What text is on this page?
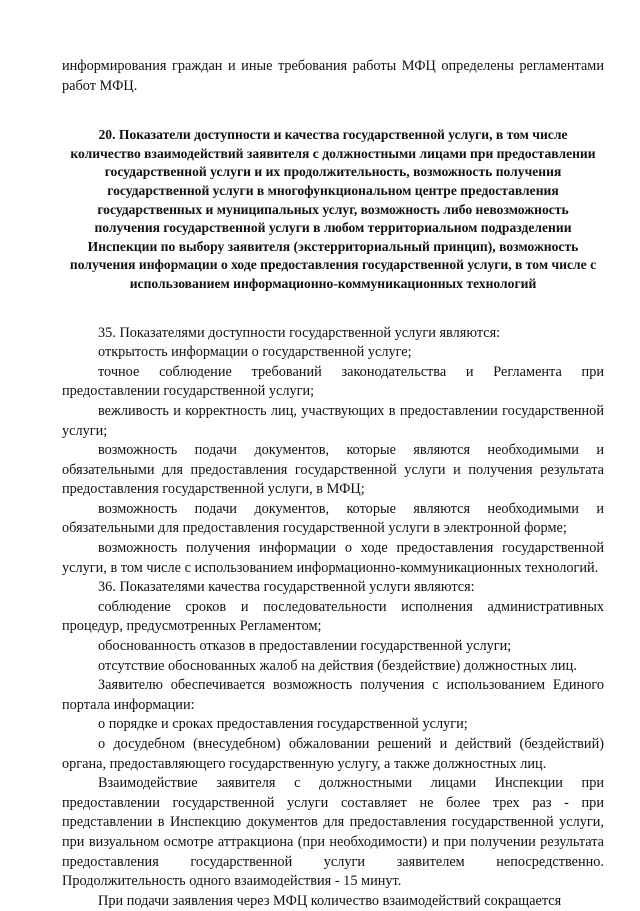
информирования граждан и иные требования работы МФЦ определены регламентами работ МФЦ.

20. Показатели доступности и качества государственной услуги, в том числе количество взаимодействий заявителя с должностными лицами при предоставлении государственной услуги и их продолжительность, возможность получения государственной услуги в многофункциональном центре предоставления государственных и муниципальных услуг, возможность либо невозможность получения государственной услуги в любом территориальном подразделении Инспекции по выбору заявителя (экстерриториальный принцип), возможность получения информации о ходе предоставления государственной услуги, в том числе с использованием информационно-коммуникационных технологий

35. Показателями доступности государственной услуги являются:

открытость информации о государственной услуге;

точное соблюдение требований законодательства и Регламента при предоставлении государственной услуги;

вежливость и корректность лиц, участвующих в предоставлении государственной услуги;

возможность подачи документов, которые являются необходимыми и обязательными для предоставления государственной услуги и получения результата предоставления государственной услуги, в МФЦ;

возможность подачи документов, которые являются необходимыми и обязательными для предоставления государственной услуги в электронной форме;

возможность получения информации о ходе предоставления государственной услуги, в том числе с использованием информационно-коммуникационных технологий.

36. Показателями качества государственной услуги являются:

соблюдение сроков и последовательности исполнения административных процедур, предусмотренных Регламентом;

обоснованность отказов в предоставлении государственной услуги;

отсутствие обоснованных жалоб на действия (бездействие) должностных лиц.

Заявителю обеспечивается возможность получения с использованием Единого портала информации:

о порядке и сроках предоставления государственной услуги;

о досудебном (внесудебном) обжаловании решений и действий (бездействий) органа, предоставляющего государственную услугу, а также должностных лиц.

Взаимодействие заявителя с должностными лицами Инспекции при предоставлении государственной услуги составляет не более трех раз - при представлении в Инспекцию документов для предоставления государственной услуги, при визуальном осмотре аттракциона (при необходимости) и при получении результата предоставления государственной услуги заявителем непосредственно. Продолжительность одного взаимодействия - 15 минут.

При подачи заявления через МФЦ количество взаимодействий сокращается
